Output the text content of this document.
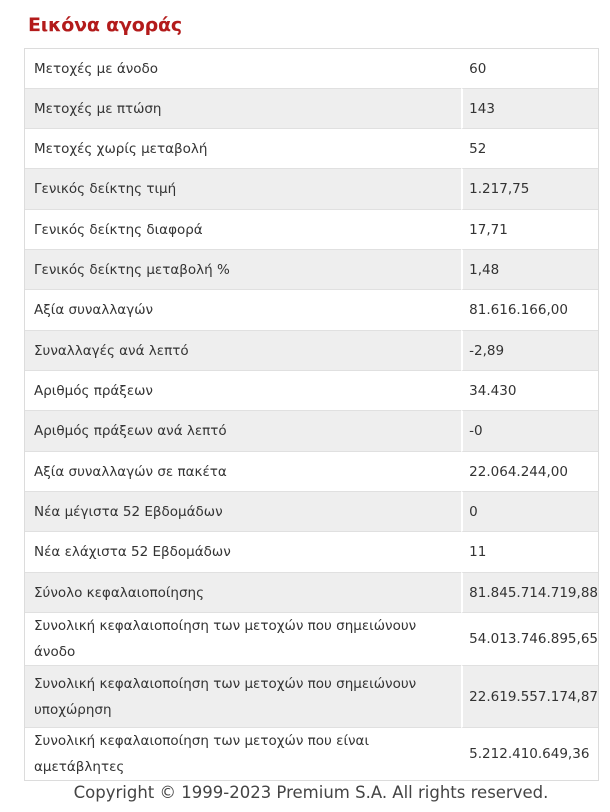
Εικόνα αγοράς
Μετοχές με άνοδο	60
Μετοχές με πτώση	143
Μετοχές χωρίς μεταβολή	52
Γενικός δείκτης τιμή	1.217,75
Γενικός δείκτης διαφορά	17,71
Γενικός δείκτης μεταβολή %	1,48
Αξία συναλλαγών	81.616.166,00
Συναλλαγές ανά λεπτό	-2,89
Αριθμός πράξεων	34.430
Αριθμός πράξεων ανά λεπτό	-0
Αξία συναλλαγών σε πακέτα	22.064.244,00
Νέα μέγιστα 52 Εβδομάδων	0
Νέα ελάχιστα 52 Εβδομάδων	11
Σύνολο κεφαλαιοποίησης	81.845.714.719,88
Συνολική κεφαλαιοποίηση των μετοχών που σημειώνουν άνοδο	54.013.746.895,65
Συνολική κεφαλαιοποίηση των μετοχών που σημειώνουν υποχώρηση	22.619.557.174,87
Συνολική κεφαλαιοποίηση των μετοχών που είναι αμετάβλητες	5.212.410.649,36
Copyright © 1999-2023 Premium S.A. All rights reserved.
